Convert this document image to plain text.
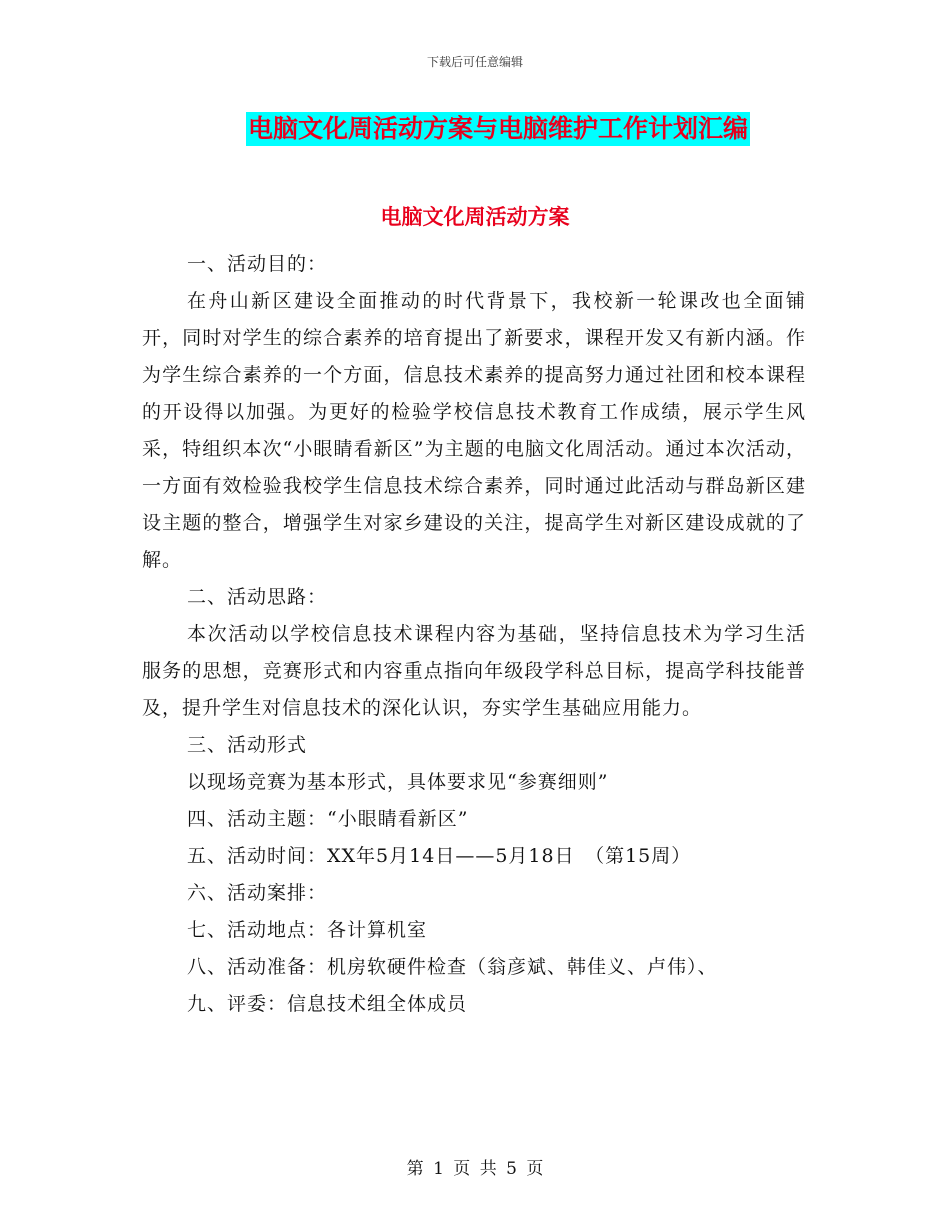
下载后可任意编辑
电脑文化周活动方案与电脑维护工作计划汇编
电脑文化周活动方案

一、活动目的：

在舟山新区建设全面推动的时代背景下，我校新一轮课改也全面铺开，同时对学生的综合素养的培育提出了新要求，课程开发又有新内涵。作为学生综合素养的一个方面，信息技术素养的提高努力通过社团和校本课程的开设得以加强。为更好的检验学校信息技术教育工作成绩，展示学生风采，特组织本次“小眼睛看新区”为主题的电脑文化周活动。通过本次活动，一方面有效检验我校学生信息技术综合素养，同时通过此活动与群岛新区建设主题的整合，增强学生对家乡建设的关注，提高学生对新区建设成就的了解。

二、活动思路：

本次活动以学校信息技术课程内容为基础，坚持信息技术为学习生活服务的思想，竞赛形式和内容重点指向年级段学科总目标，提高学科技能普及，提升学生对信息技术的深化认识，夯实学生基础应用能力。

三、活动形式

以现场竞赛为基本形式，具体要求见“参赛细则”

四、活动主题：“小眼睛看新区”

五、活动时间：XX年5月14日——5月18日　（第15周）

六、活动案排：

七、活动地点：各计算机室

八、活动准备：机房软硬件检查（翁彦斌、韩佳义、卢伟）、

九、评委：信息技术组全体成员

第 1 页 共 5 页
